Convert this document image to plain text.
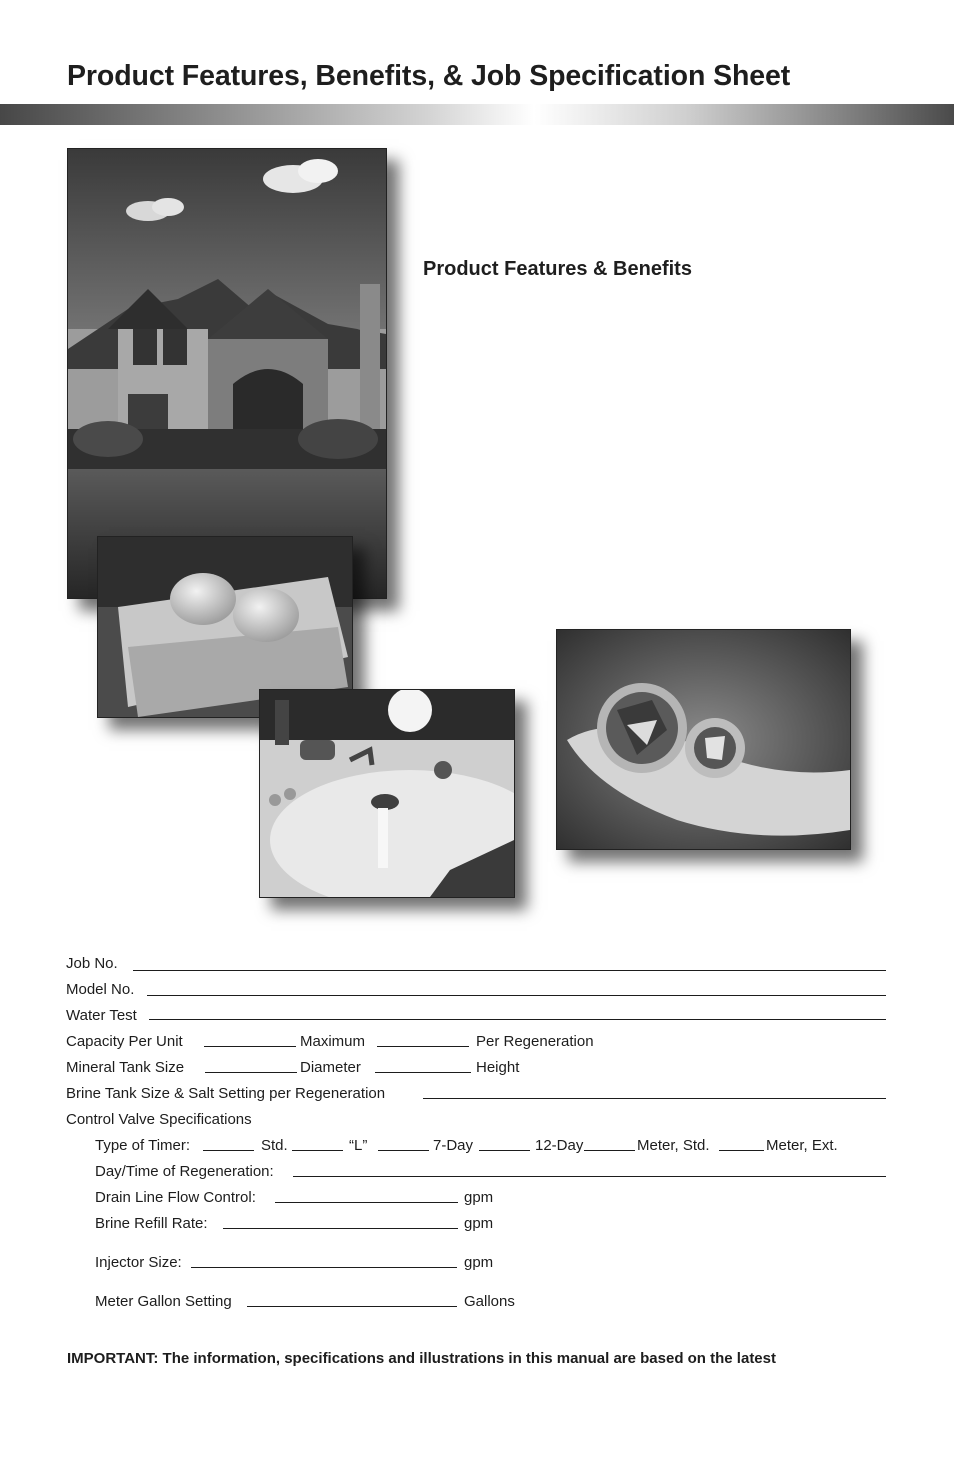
Product Features, Benefits, & Job Specification Sheet
Product Features & Benefits
Job No.
Model No.
Water Test
Capacity Per Unit	Maximum	Per Regeneration
Mineral Tank Size	Diameter	Height
Brine Tank Size & Salt Setting per Regeneration
Control Valve Specifications
Type of Timer:	Std.	“L”	7-Day	12-Day	Meter, Std.	Meter, Ext.
Day/Time of Regeneration:
Drain Line Flow Control:	gpm
Brine Refill Rate:	gpm
Injector Size:	gpm
Meter Gallon Setting	Gallons

IMPORTANT: The information, specifications and illustrations in this manual are based on the latest
